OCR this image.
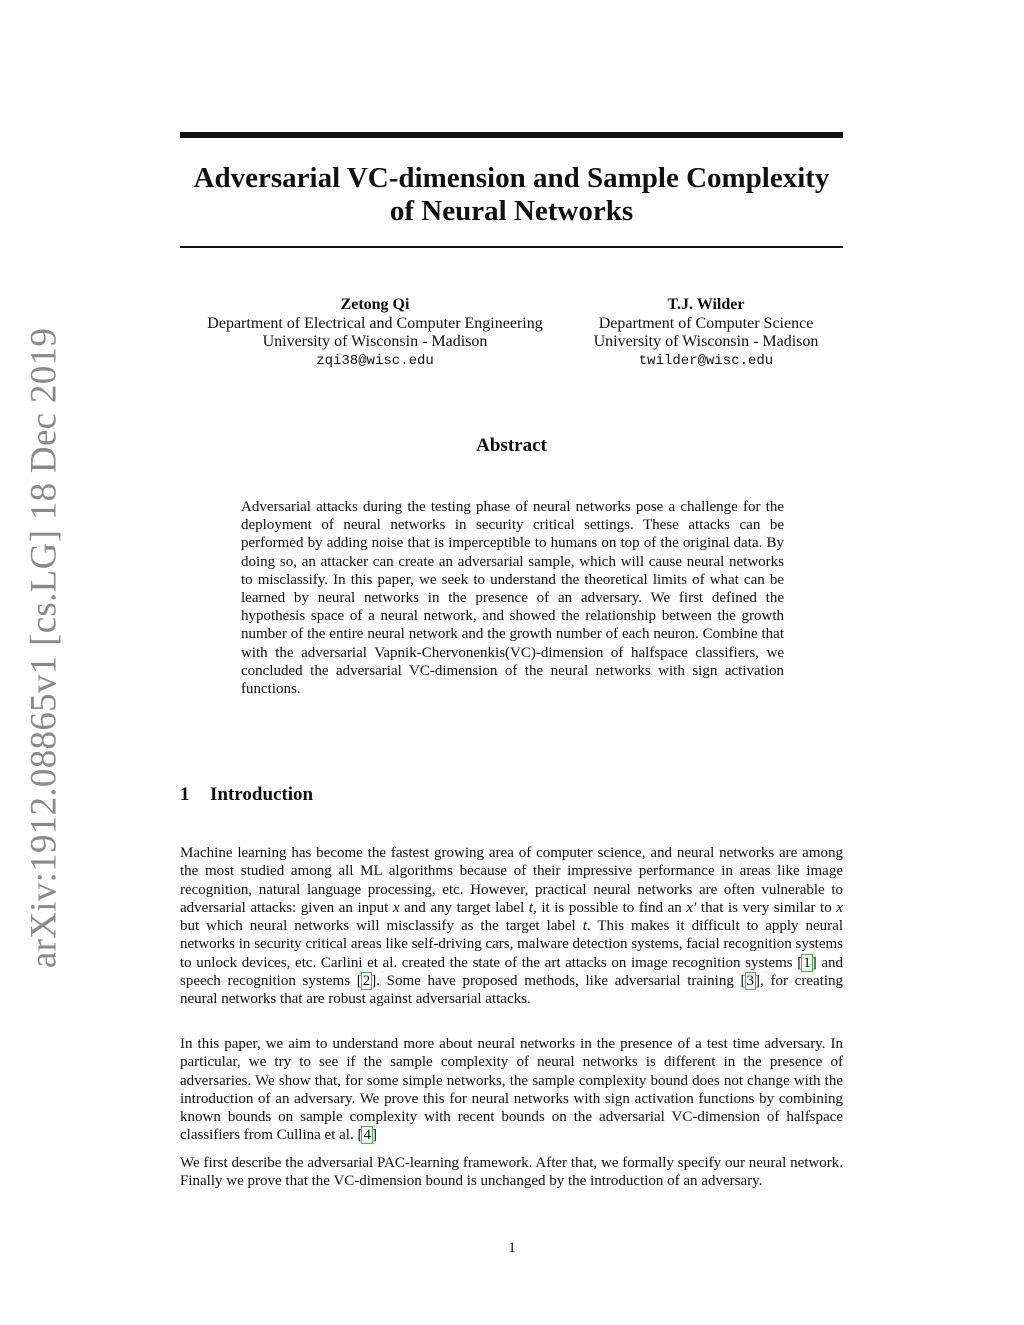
arXiv:1912.08865v1 [cs.LG] 18 Dec 2019
Adversarial VC-dimension and Sample Complexity of Neural Networks
Zetong Qi
Department of Electrical and Computer Engineering
University of Wisconsin - Madison
zqi38@wisc.edu
T.J. Wilder
Department of Computer Science
University of Wisconsin - Madison
twilder@wisc.edu
Abstract
Adversarial attacks during the testing phase of neural networks pose a challenge for the deployment of neural networks in security critical settings. These attacks can be performed by adding noise that is imperceptible to humans on top of the original data. By doing so, an attacker can create an adversarial sample, which will cause neural networks to misclassify. In this paper, we seek to understand the theoretical limits of what can be learned by neural networks in the presence of an adversary. We first defined the hypothesis space of a neural network, and showed the relationship between the growth number of the entire neural network and the growth number of each neuron. Combine that with the adversarial Vapnik-Chervonenkis(VC)-dimension of halfspace classifiers, we concluded the adversarial VC-dimension of the neural networks with sign activation functions.
1 Introduction

Machine learning has become the fastest growing area of computer science, and neural networks are among the most studied among all ML algorithms because of their impressive performance in areas like image recognition, natural language processing, etc. However, practical neural networks are often vulnerable to adversarial attacks: given an input x and any target label t, it is possible to find an x′ that is very similar to x but which neural networks will misclassify as the target label t. This makes it difficult to apply neural networks in security critical areas like self-driving cars, malware detection systems, facial recognition systems to unlock devices, etc. Carlini et al. created the state of the art attacks on image recognition systems [1] and speech recognition systems [2]. Some have proposed methods, like adversarial training [3], for creating neural networks that are robust against adversarial attacks.

In this paper, we aim to understand more about neural networks in the presence of a test time adversary. In particular, we try to see if the sample complexity of neural networks is different in the presence of adversaries. We show that, for some simple networks, the sample complexity bound does not change with the introduction of an adversary. We prove this for neural networks with sign activation functions by combining known bounds on sample complexity with recent bounds on the adversarial VC-dimension of halfspace classifiers from Cullina et al. [4]

We first describe the adversarial PAC-learning framework. After that, we formally specify our neural network. Finally we prove that the VC-dimension bound is unchanged by the introduction of an adversary.

1
